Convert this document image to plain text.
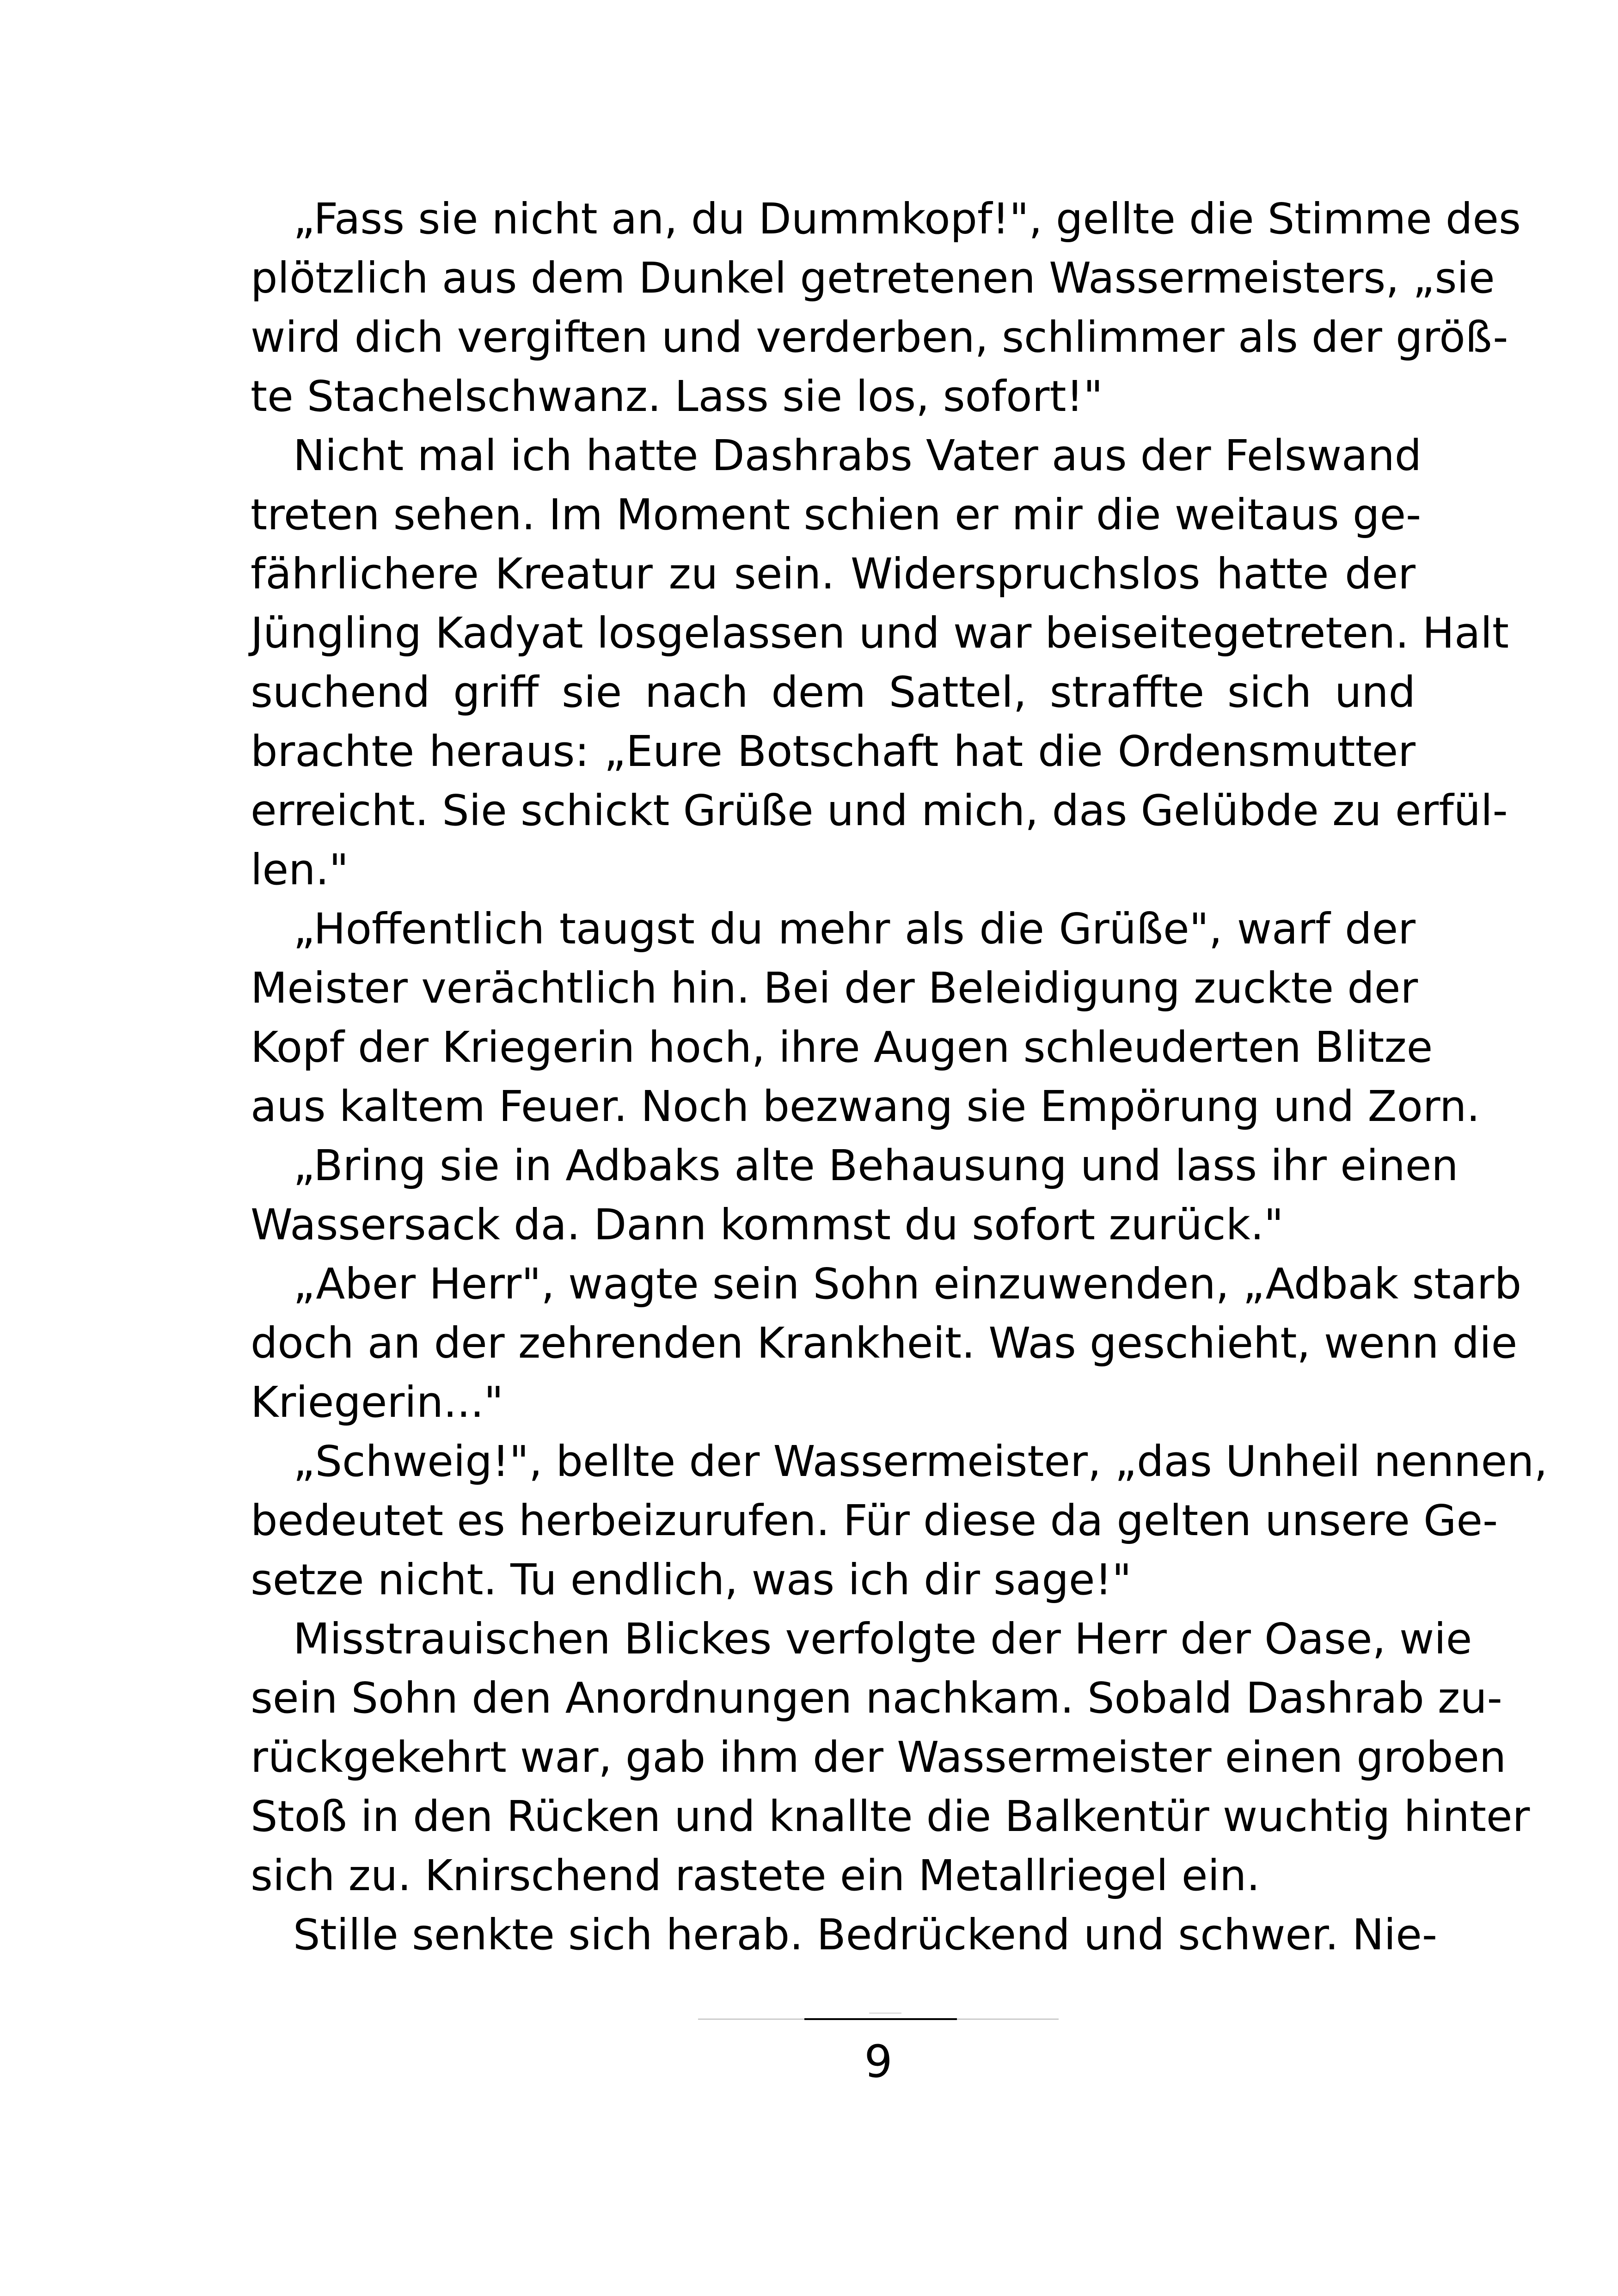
„Fass sie nicht an, du Dummkopf!", gellte die Stimme des
plötzlich aus dem Dunkel getretenen Wassermeisters, „sie
wird dich vergiften und verderben, schlimmer als der größ-
te Stachelschwanz. Lass sie los, sofort!"
Nicht mal ich hatte Dashrabs Vater aus der Felswand
treten sehen. Im Moment schien er mir die weitaus ge-
fährlichere Kreatur zu sein. Widerspruchslos hatte der
Jüngling Kadyat losgelassen und war beiseitegetreten. Halt
suchend griff sie nach dem Sattel, straffte sich und
brachte heraus: „Eure Botschaft hat die Ordensmutter
erreicht. Sie schickt Grüße und mich, das Gelübde zu erfül-
len."
„Hoffentlich taugst du mehr als die Grüße", warf der
Meister verächtlich hin. Bei der Beleidigung zuckte der
Kopf der Kriegerin hoch, ihre Augen schleuderten Blitze
aus kaltem Feuer. Noch bezwang sie Empörung und Zorn.
„Bring sie in Adbaks alte Behausung und lass ihr einen
Wassersack da. Dann kommst du sofort zurück."
„Aber Herr", wagte sein Sohn einzuwenden, „Adbak starb
doch an der zehrenden Krankheit. Was geschieht, wenn die
Kriegerin..."
„Schweig!", bellte der Wassermeister, „das Unheil nennen,
bedeutet es herbeizurufen. Für diese da gelten unsere Ge-
setze nicht. Tu endlich, was ich dir sage!"
Misstrauischen Blickes verfolgte der Herr der Oase, wie
sein Sohn den Anordnungen nachkam. Sobald Dashrab zu-
rückgekehrt war, gab ihm der Wassermeister einen groben
Stoß in den Rücken und knallte die Balkentür wuchtig hinter
sich zu. Knirschend rastete ein Metallriegel ein.
Stille senkte sich herab. Bedrückend und schwer. Nie-
9
